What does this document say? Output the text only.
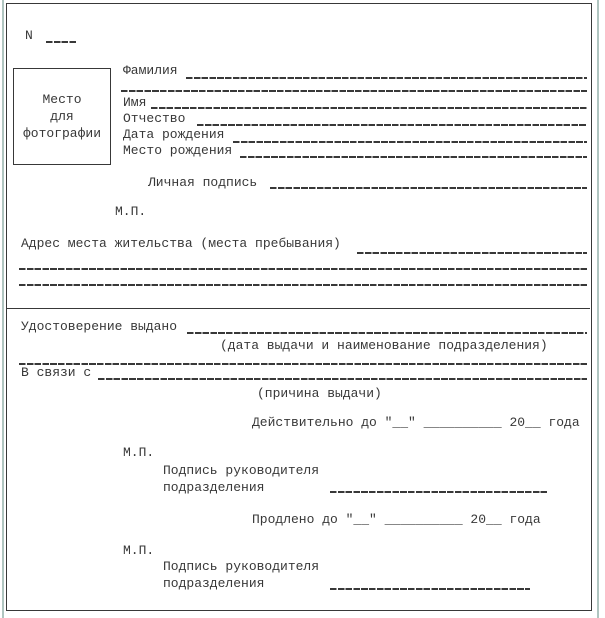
N
Место
для
фотографии
Фамилия
Имя
Отчество
Дата рождения
Место рождения
Личная подпись
М.П.
Адрес места жительства (места пребывания)
Удостоверение выдано
(дата выдачи и наименование подразделения)
В связи с
(причина выдачи)
Действительно до "__" __________ 20__ года
М.П.
Подпись руководителя
подразделения
Продлено до "__" __________ 20__ года
М.П.
Подпись руководителя
подразделения
